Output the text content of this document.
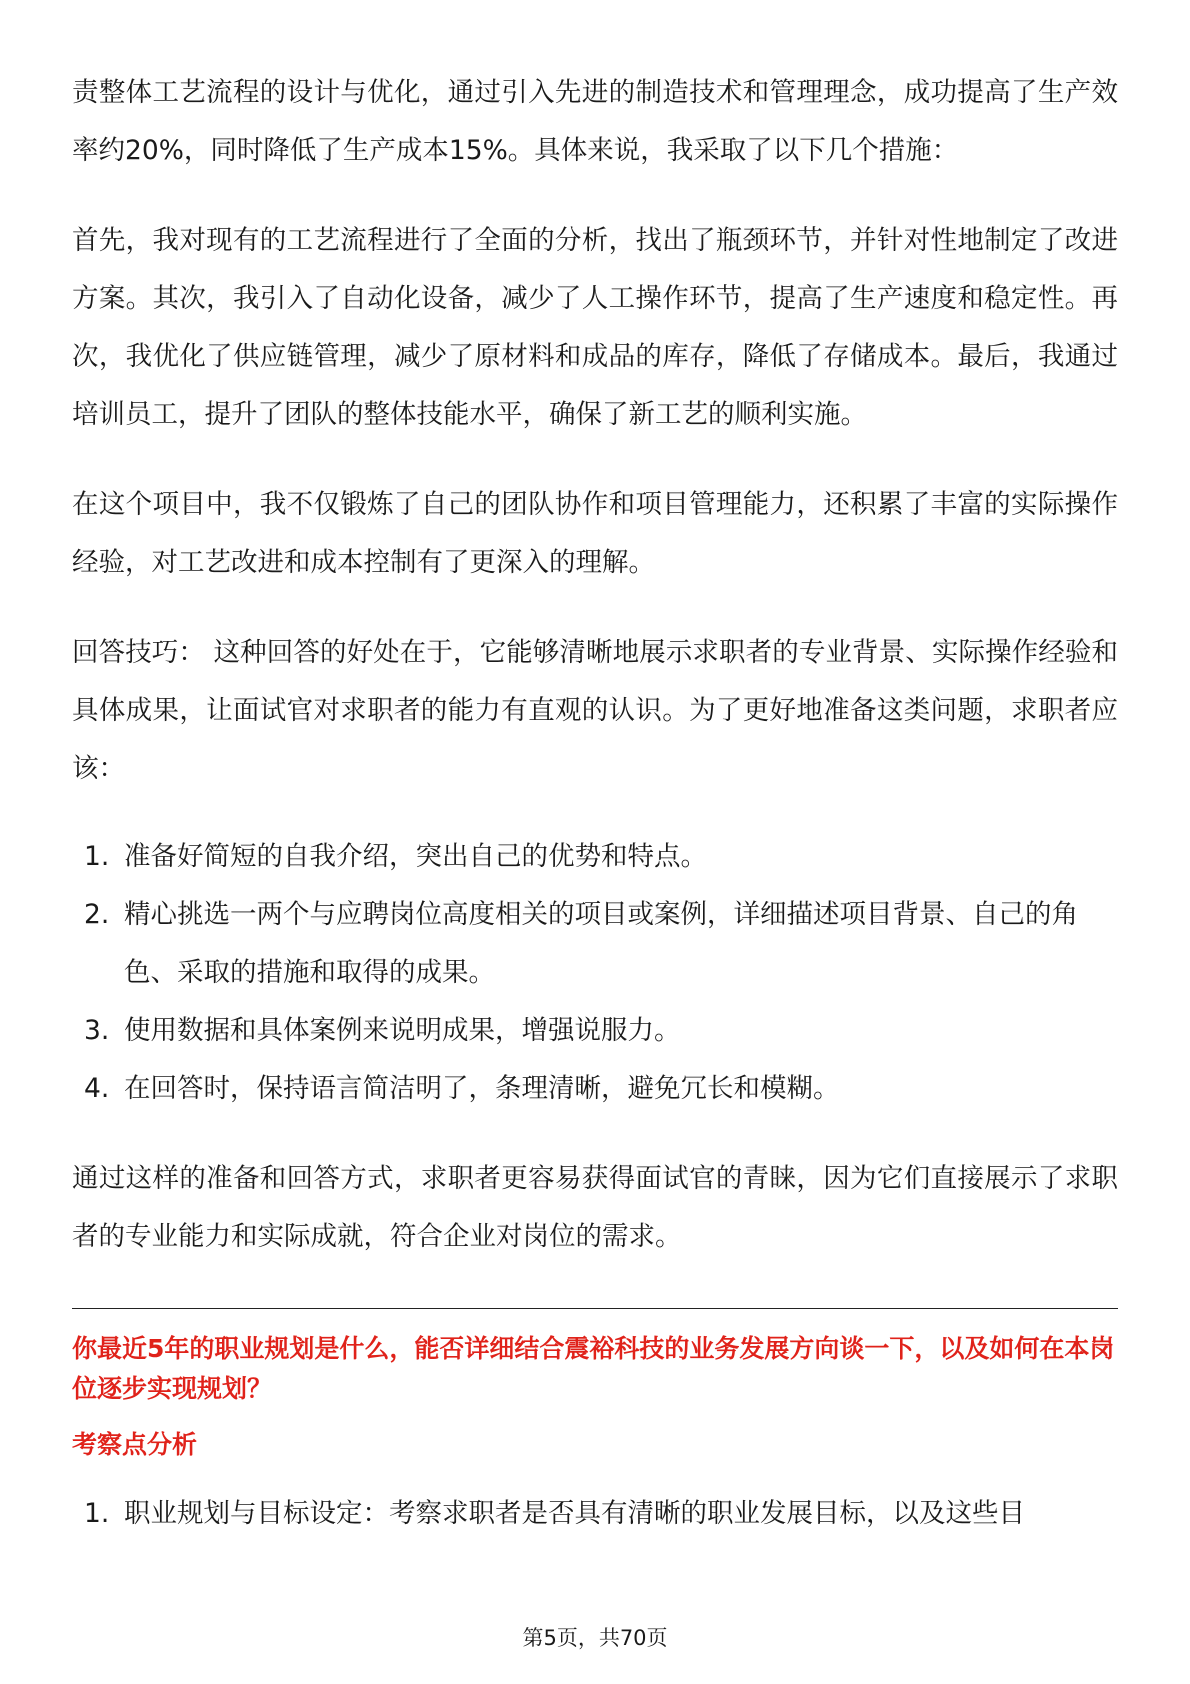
责整体工艺流程的设计与优化，通过引入先进的制造技术和管理理念，成功提高了生产效率约20%，同时降低了生产成本15%。具体来说，我采取了以下几个措施：

首先，我对现有的工艺流程进行了全面的分析，找出了瓶颈环节，并针对性地制定了改进方案。其次，我引入了自动化设备，减少了人工操作环节，提高了生产速度和稳定性。再次，我优化了供应链管理，减少了原材料和成品的库存，降低了存储成本。最后，我通过培训员工，提升了团队的整体技能水平，确保了新工艺的顺利实施。

在这个项目中，我不仅锻炼了自己的团队协作和项目管理能力，还积累了丰富的实际操作经验，对工艺改进和成本控制有了更深入的理解。

回答技巧： 这种回答的好处在于，它能够清晰地展示求职者的专业背景、实际操作经验和具体成果，让面试官对求职者的能力有直观的认识。为了更好地准备这类问题，求职者应该：

1. 准备好简短的自我介绍，突出自己的优势和特点。
2. 精心挑选一两个与应聘岗位高度相关的项目或案例，详细描述项目背景、自己的角色、采取的措施和取得的成果。
3. 使用数据和具体案例来说明成果，增强说服力。
4. 在回答时，保持语言简洁明了，条理清晰，避免冗长和模糊。

通过这样的准备和回答方式，求职者更容易获得面试官的青睐，因为它们直接展示了求职者的专业能力和实际成就，符合企业对岗位的需求。

你最近5年的职业规划是什么，能否详细结合震裕科技的业务发展方向谈一下，以及如何在本岗位逐步实现规划？

考察点分析

1. 职业规划与目标设定：考察求职者是否具有清晰的职业发展目标，以及这些目
第5页，共70页
